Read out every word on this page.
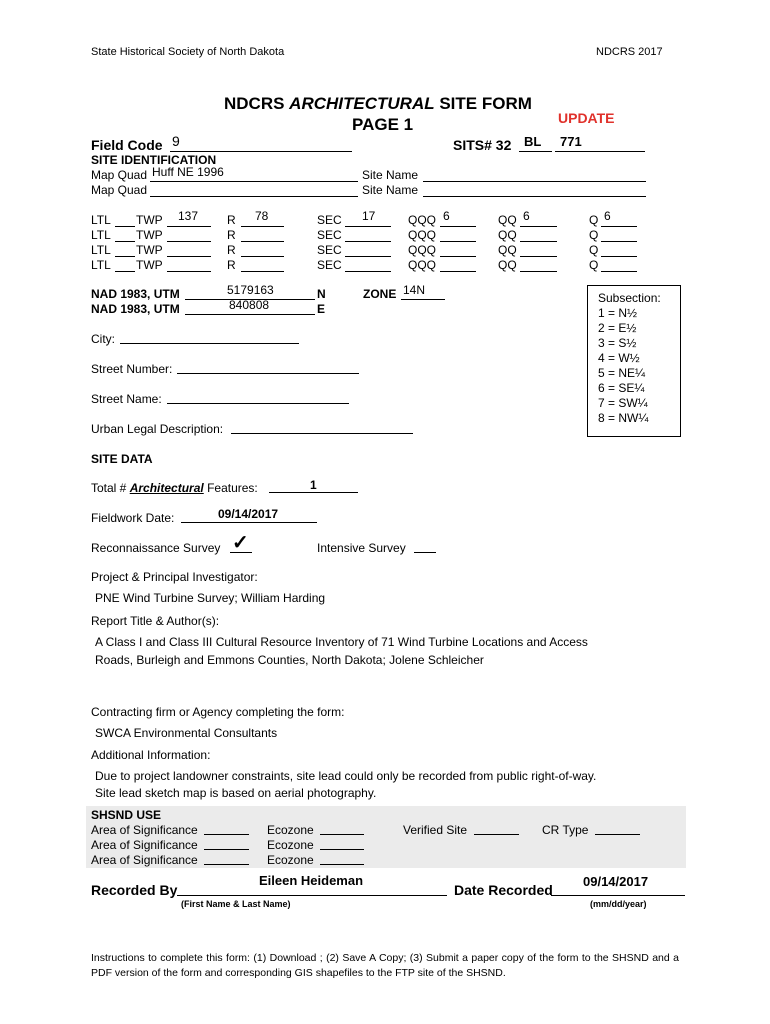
State Historical Society of North Dakota	NDCRS 2017
NDCRS ARCHITECTURAL SITE FORM
PAGE 1	UPDATE
Field Code 9	SITS# 32 BL 771
SITE IDENTIFICATION
Map Quad Huff NE 1996	Site Name
Map Quad	Site Name
LTL TWP 137 R 78	SEC 17	QQQ 6	QQ 6	Q 6
LTL TWP	R	SEC	QQQ	QQ	Q
LTL TWP	R	SEC	QQQ	QQ	Q
LTL TWP	R	SEC	QQQ	QQ	Q
NAD 1983, UTM	5179163	N	ZONE 14N
NAD 1983, UTM	840808	E
Subsection:
1 = N½
2 = E½
3 = S½
4 = W½
5 = NE¼
6 = SE¼
7 = SW¼
8 = NW¼
City:
Street Number:
Street Name:
Urban Legal Description:
SITE DATA
Total # Architectural Features:	1
Fieldwork Date:	09/14/2017
Reconnaissance Survey ✓	Intensive Survey
Project & Principal Investigator:
PNE Wind Turbine Survey; William Harding
Report Title & Author(s):
A Class I and Class III Cultural Resource Inventory of 71 Wind Turbine Locations and Access
Roads, Burleigh and Emmons Counties, North Dakota; Jolene Schleicher
Contracting firm or Agency completing the form:
SWCA Environmental Consultants
Additional Information:
Due to project landowner constraints, site lead could only be recorded from public right-of-way.
Site lead sketch map is based on aerial photography.
SHSND USE
Area of Significance	Ecozone	Verified Site	CR Type
Area of Significance	Ecozone
Area of Significance	Ecozone
Recorded By
Eileen Heideman
(First Name & Last Name)
Date Recorded
09/14/2017
(mm/dd/year)
Instructions to complete this form: (1) Download ; (2) Save A Copy; (3) Submit a paper copy of the form to the SHSND and a PDF version of the form and corresponding GIS shapefiles to the FTP site of the SHSND.
